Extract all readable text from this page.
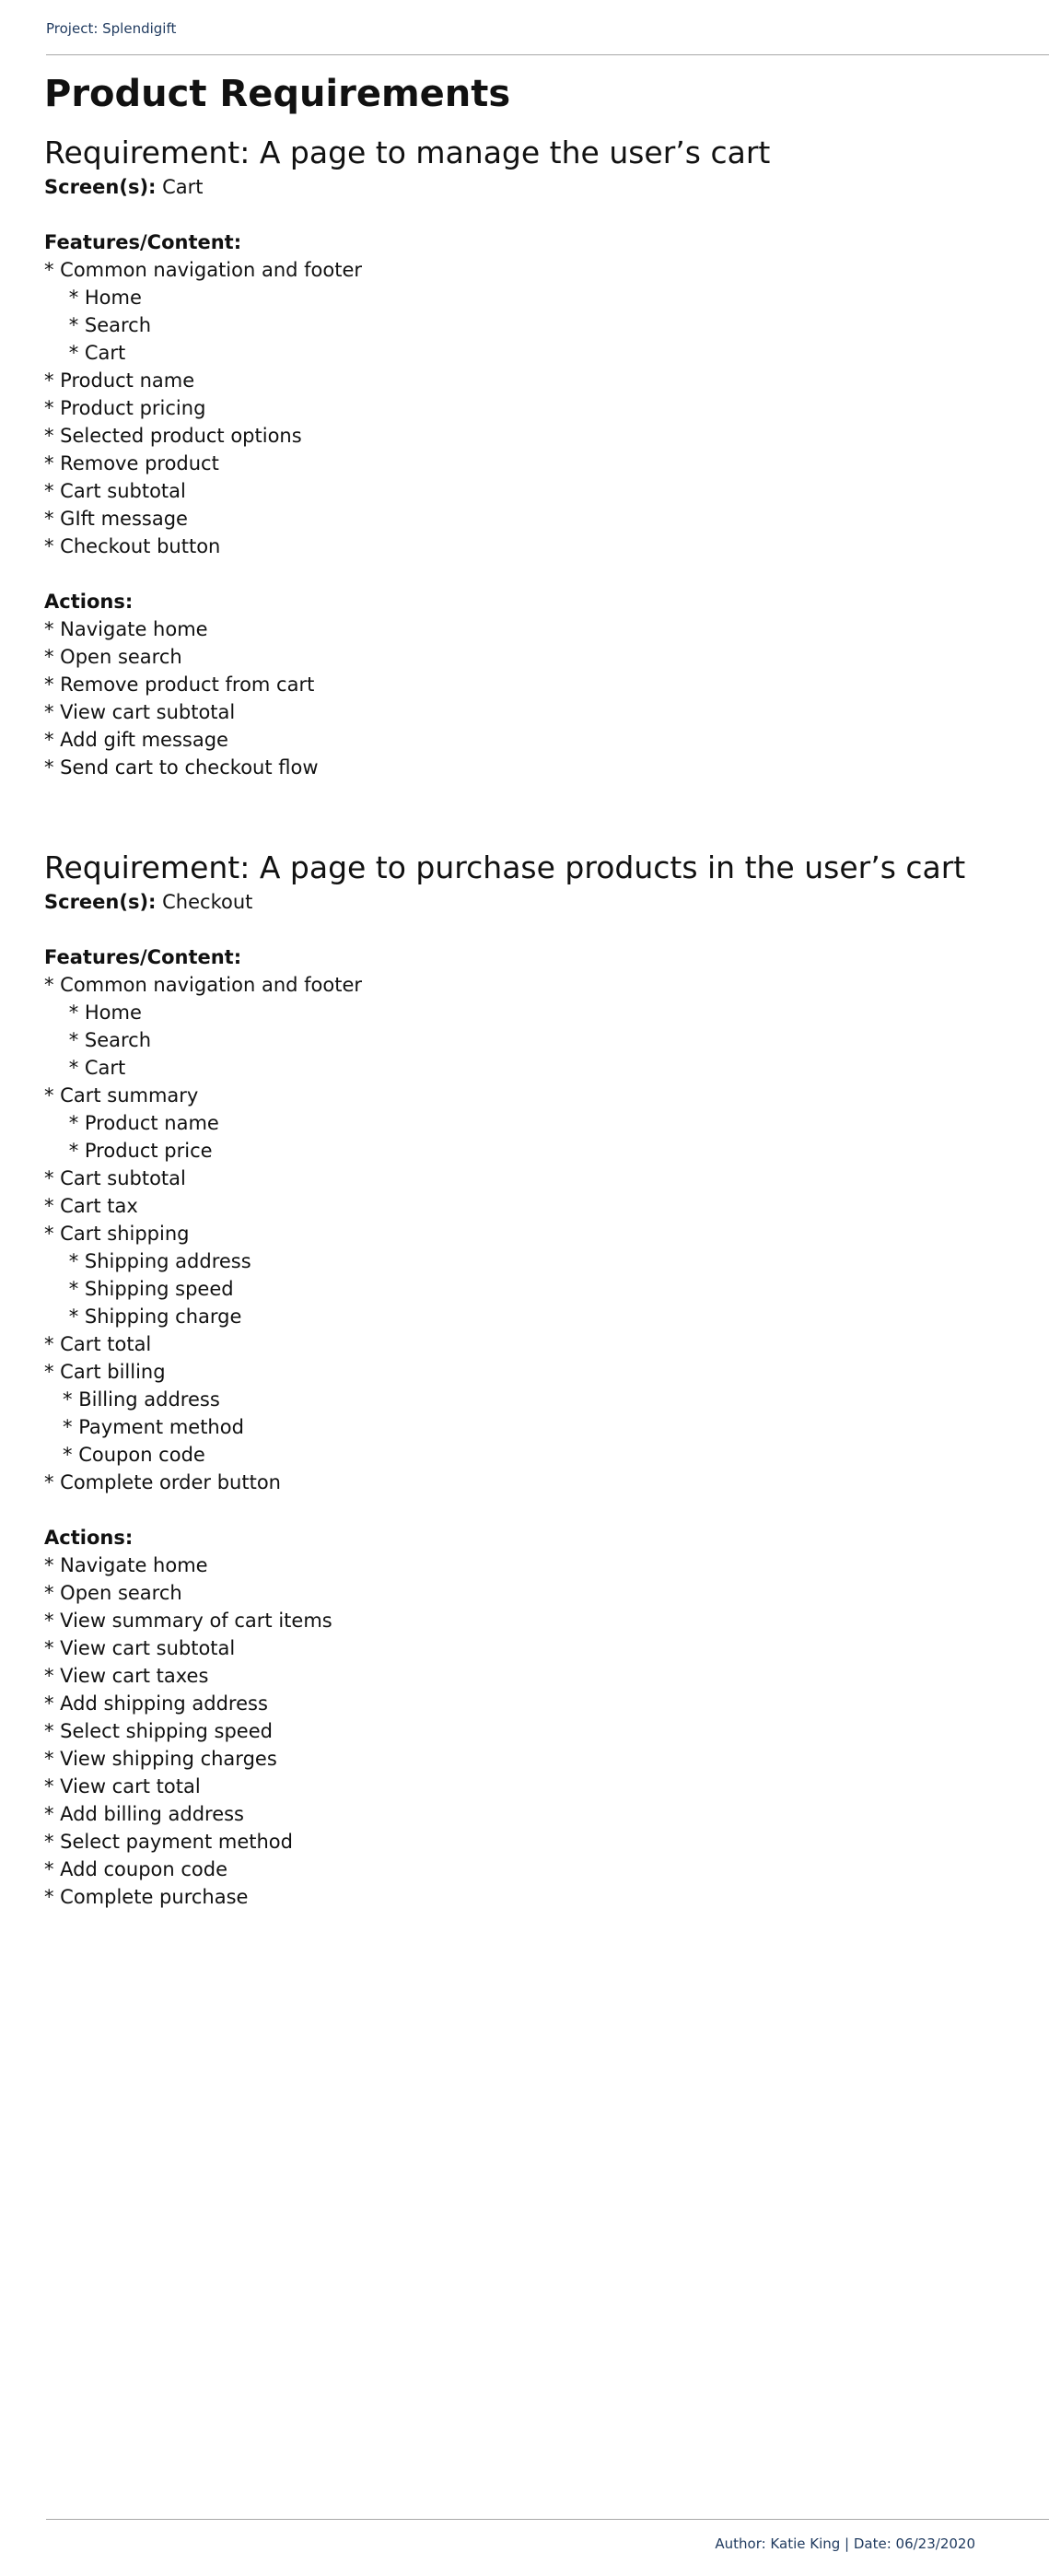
Project: Splendigift
Product Requirements
Requirement: A page to manage the user’s cart

Screen(s): Cart

Features/Content:

* Common navigation and footer

* Home

* Search

* Cart

* Product name

* Product pricing

* Selected product options

* Remove product

* Cart subtotal

* GIft message

* Checkout button

Actions:

* Navigate home

* Open search

* Remove product from cart

* View cart subtotal

* Add gift message

* Send cart to checkout flow

Requirement: A page to purchase products in the user’s cart

Screen(s): Checkout

Features/Content:

* Common navigation and footer

* Home

* Search

* Cart

* Cart summary

* Product name

* Product price

* Cart subtotal

* Cart tax

* Cart shipping

* Shipping address

* Shipping speed

* Shipping charge

* Cart total

* Cart billing

* Billing address

* Payment method

* Coupon code

* Complete order button

Actions:

* Navigate home

* Open search

* View summary of cart items

* View cart subtotal

* View cart taxes

* Add shipping address

* Select shipping speed

* View shipping charges

* View cart total

* Add billing address

* Select payment method

* Add coupon code

* Complete purchase

Author: Katie King | Date: 06/23/2020
